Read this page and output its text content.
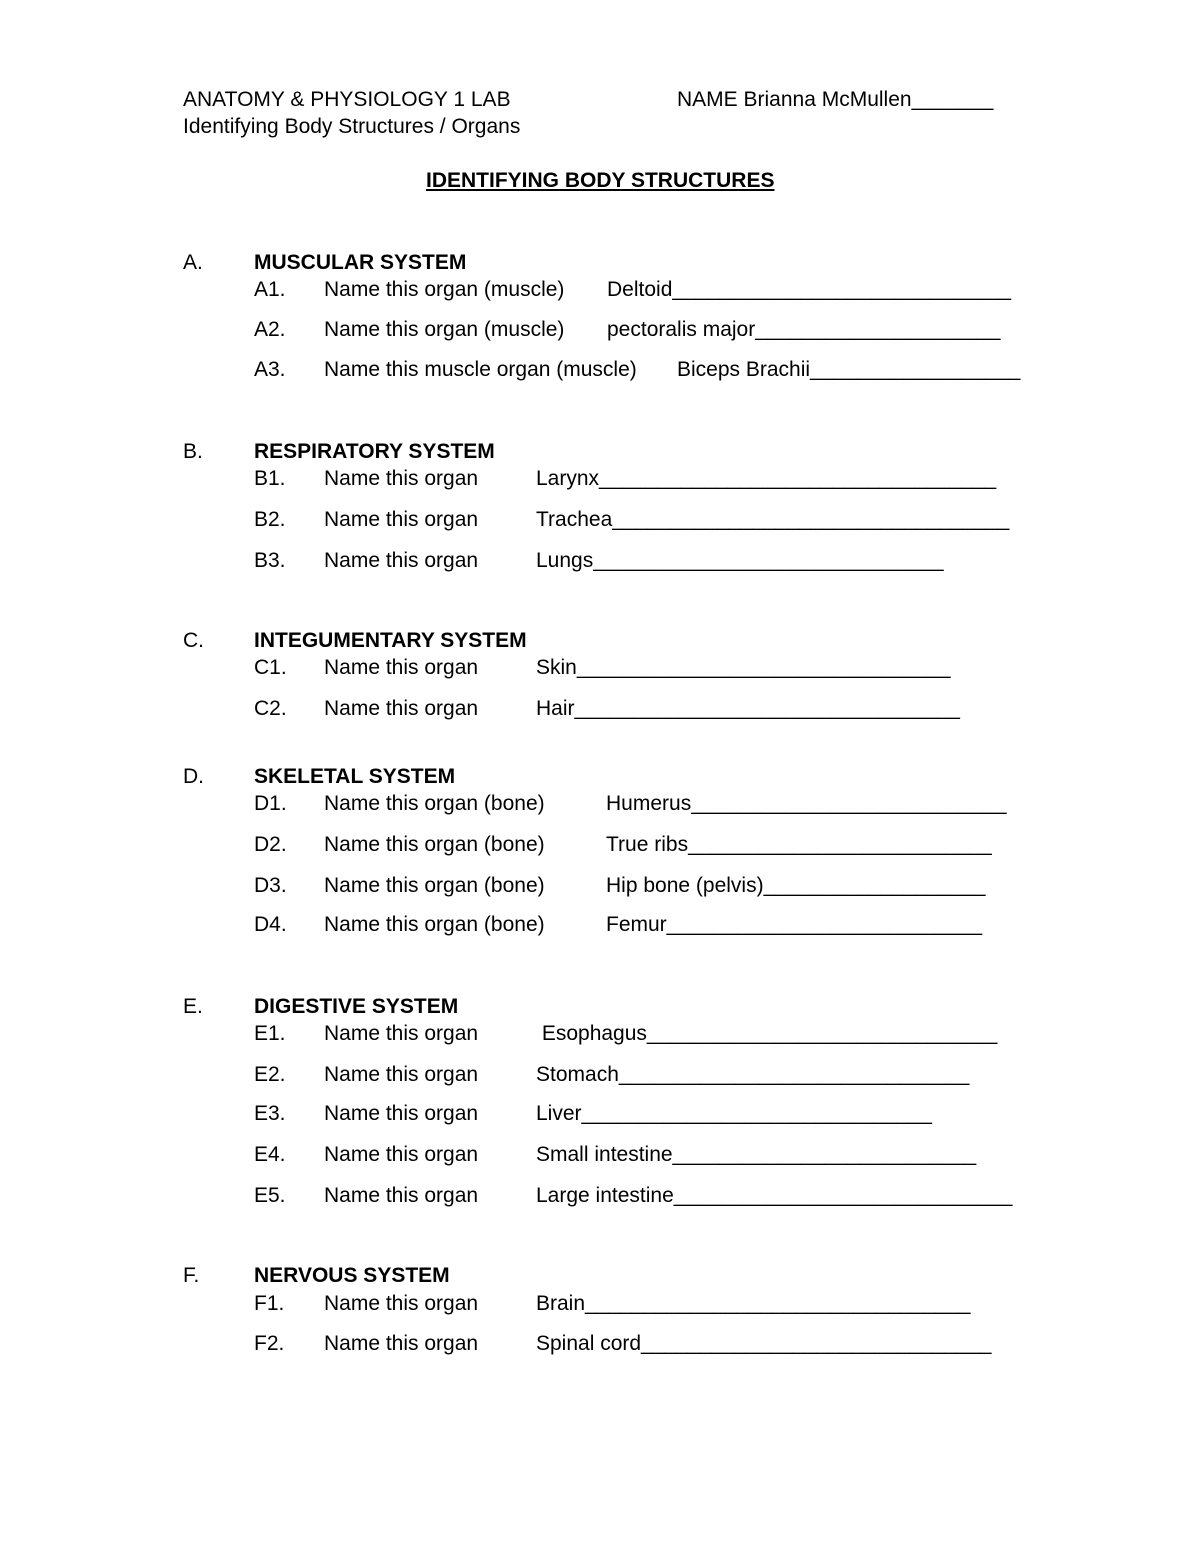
ANATOMY & PHYSIOLOGY 1 LAB	NAME Brianna McMullen_______
Identifying Body Structures / Organs
IDENTIFYING BODY STRUCTURES
A. MUSCULAR SYSTEM
A1. Name this organ (muscle) Deltoid_____________________________
A2. Name this organ (muscle) pectoralis major_____________________
A3. Name this muscle organ (muscle) Biceps Brachii__________________
B. RESPIRATORY SYSTEM
B1. Name this organ	Larynx__________________________________
B2. Name this organ	Trachea__________________________________
B3. Name this organ	Lungs______________________________
C. INTEGUMENTARY SYSTEM
C1. Name this organ	Skin________________________________
C2. Name this organ	Hair_________________________________
D. SKELETAL SYSTEM
D1. Name this organ (bone)	Humerus___________________________
D2. Name this organ (bone)	True ribs__________________________
D3. Name this organ (bone)	Hip bone (pelvis)___________________
D4. Name this organ (bone)	Femur___________________________
E. DIGESTIVE SYSTEM
E1. Name this organ	Esophagus______________________________
E2. Name this organ	Stomach______________________________
E3. Name this organ	Liver______________________________
E4. Name this organ	Small intestine__________________________
E5. Name this organ	Large intestine_____________________________
F.	NERVOUS SYSTEM
F1. Name this organ	Brain_________________________________
F2. Name this organ	Spinal cord______________________________
